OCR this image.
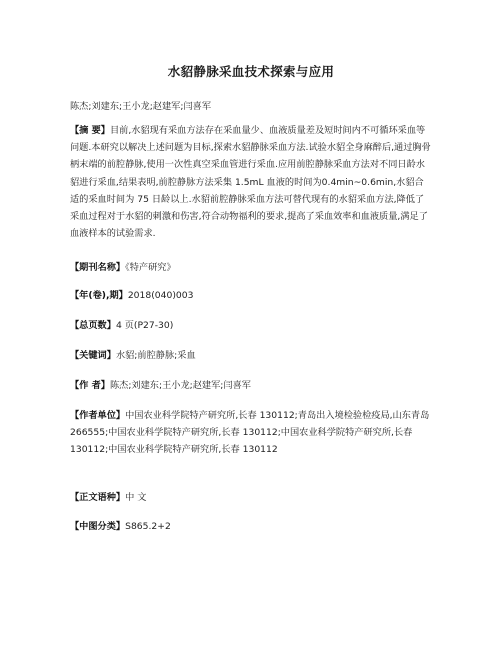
水貂静脉采血技术探索与应用
陈杰;刘建东;王小龙;赵建军;闫喜军
【摘 要】目前,水貂现有采血方法存在采血量少、血液质量差及短时间内不可循环采血等问题.本研究以解决上述问题为目标,探索水貂静脉采血方法.试验水貂全身麻醉后,通过胸骨柄末端的前腔静脉,使用一次性真空采血管进行采血.应用前腔静脉采血方法对不同日龄水貂进行采血,结果表明,前腔静脉方法采集 1.5mL 血液的时间为0.4min~0.6min,水貂合适的采血时间为 75 日龄以上.水貂前腔静脉采血方法可替代现有的水貂采血方法,降低了采血过程对于水貂的刺激和伤害,符合动物福利的要求,提高了采血效率和血液质量,满足了血液样本的试验需求.
【期刊名称】《特产研究》
【年(卷),期】2018(040)003
【总页数】4 页(P27-30)
【关键词】水貂;前腔静脉;采血
【作 者】陈杰;刘建东;王小龙;赵建军;闫喜军
【作者单位】中国农业科学院特产研究所,长春 130112;青岛出入境检验检疫局,山东青岛 266555;中国农业科学院特产研究所,长春 130112;中国农业科学院特产研究所,长春 130112;中国农业科学院特产研究所,长春 130112
【正文语种】中 文
【中图分类】S865.2+2
